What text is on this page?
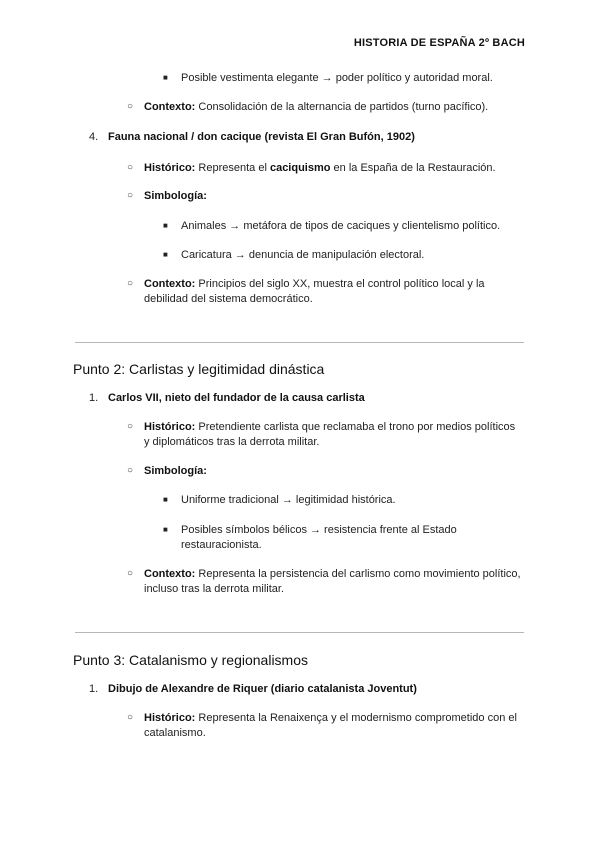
HISTORIA DE ESPAÑA 2º BACH
■ Posible vestimenta elegante → poder político y autoridad moral.
○ Contexto: Consolidación de la alternancia de partidos (turno pacífico).
4. Fauna nacional / don cacique (revista El Gran Bufón, 1902)
○ Histórico: Representa el caciquismo en la España de la Restauración.
○ Simbología:
■ Animales → metáfora de tipos de caciques y clientelismo político.
■ Caricatura → denuncia de manipulación electoral.
○ Contexto: Principios del siglo XX, muestra el control político local y la
debilidad del sistema democrático.
Punto 2: Carlistas y legitimidad dinástica
1. Carlos VII, nieto del fundador de la causa carlista
○ Histórico: Pretendiente carlista que reclamaba el trono por medios políticos
y diplomáticos tras la derrota militar.
○ Simbología:
■ Uniforme tradicional → legitimidad histórica.
■ Posibles símbolos bélicos → resistencia frente al Estado
restauracionista.
○ Contexto: Representa la persistencia del carlismo como movimiento político,
incluso tras la derrota militar.
Punto 3: Catalanismo y regionalismos
1. Dibujo de Alexandre de Riquer (diario catalanista Joventut)
○ Histórico: Representa la Renaixença y el modernismo comprometido con el
catalanismo.
